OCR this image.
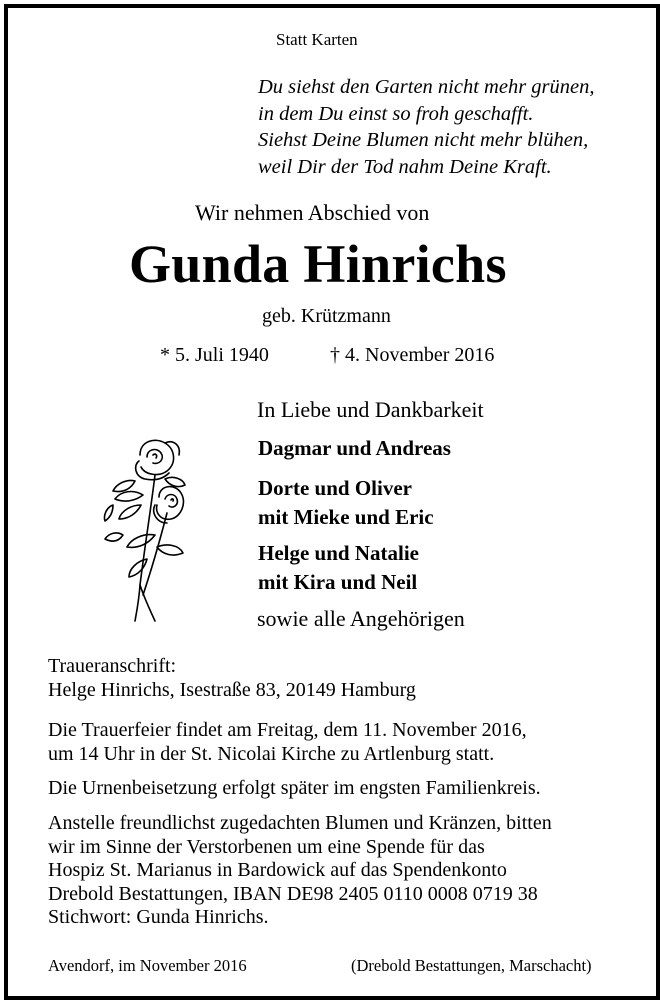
Statt Karten
Du siehst den Garten nicht mehr grünen,
in dem Du einst so froh geschafft.
Siehst Deine Blumen nicht mehr blühen,
weil Dir der Tod nahm Deine Kraft.
Wir nehmen Abschied von
Gunda Hinrichs
geb. Krützmann
* 5. Juli 1940	† 4. November 2016
In Liebe und Dankbarkeit
Dagmar und Andreas
Dorte und Oliver
mit Mieke und Eric
Helge und Natalie
mit Kira und Neil
sowie alle Angehörigen
Traueranschrift:
Helge Hinrichs, Isestraße 83, 20149 Hamburg
Die Trauerfeier findet am Freitag, dem 11. November 2016,
um 14 Uhr in der St. Nicolai Kirche zu Artlenburg statt.
Die Urnenbeisetzung erfolgt später im engsten Familienkreis.
Anstelle freundlichst zugedachten Blumen und Kränzen, bitten
wir im Sinne der Verstorbenen um eine Spende für das
Hospiz St. Marianus in Bardowick auf das Spendenkonto
Drebold Bestattungen, IBAN DE98 2405 0110 0008 0719 38
Stichwort: Gunda Hinrichs.
Avendorf, im November 2016	(Drebold Bestattungen, Marschacht)
